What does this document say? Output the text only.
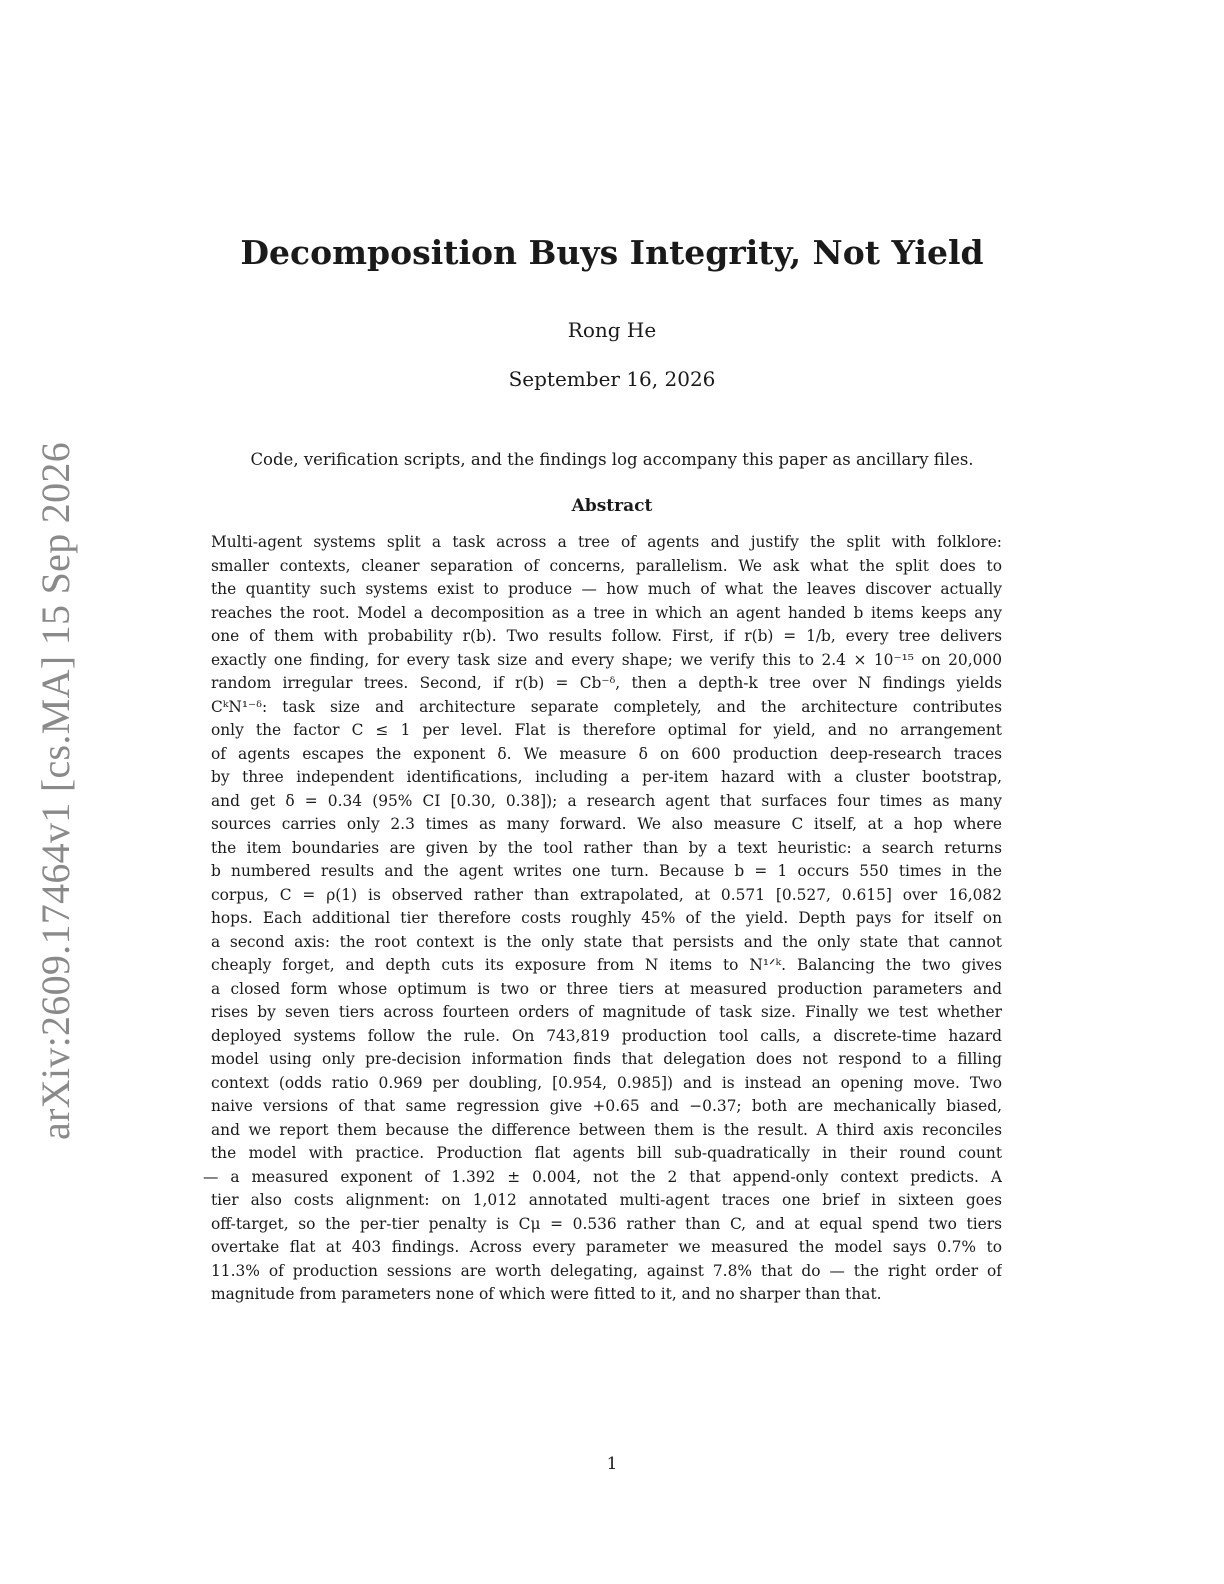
arXiv:2609.17464v1 [cs.MA] 15 Sep 2026
Decomposition Buys Integrity, Not Yield
Rong He
September 16, 2026
Code, verification scripts, and the findings log accompany this paper as ancillary files.
Abstract
Multi-agent systems split a task across a tree of agents and justify the split with folklore:
smaller contexts, cleaner separation of concerns, parallelism. We ask what the split does to
the quantity such systems exist to produce — how much of what the leaves discover actually
reaches the root. Model a decomposition as a tree in which an agent handed b items keeps any
one of them with probability r(b). Two results follow. First, if r(b) = 1/b, every tree delivers
exactly one finding, for every task size and every shape; we verify this to 2.4 × 10⁻¹⁵ on 20,000
random irregular trees. Second, if r(b) = Cb⁻ᵟ, then a depth-k tree over N findings yields
CᵏN¹⁻ᵟ: task size and architecture separate completely, and the architecture contributes
only the factor C ≤ 1 per level. Flat is therefore optimal for yield, and no arrangement
of agents escapes the exponent δ. We measure δ on 600 production deep-research traces
by three independent identifications, including a per-item hazard with a cluster bootstrap,
and get δ = 0.34 (95% CI [0.30, 0.38]); a research agent that surfaces four times as many
sources carries only 2.3 times as many forward. We also measure C itself, at a hop where
the item boundaries are given by the tool rather than by a text heuristic: a search returns
b numbered results and the agent writes one turn. Because b = 1 occurs 550 times in the
corpus, C = ρ(1) is observed rather than extrapolated, at 0.571 [0.527, 0.615] over 16,082
hops. Each additional tier therefore costs roughly 45% of the yield. Depth pays for itself on
a second axis: the root context is the only state that persists and the only state that cannot
cheaply forget, and depth cuts its exposure from N items to N¹ᐟᵏ. Balancing the two gives
a closed form whose optimum is two or three tiers at measured production parameters and
rises by seven tiers across fourteen orders of magnitude of task size. Finally we test whether
deployed systems follow the rule. On 743,819 production tool calls, a discrete-time hazard
model using only pre-decision information finds that delegation does not respond to a filling
context (odds ratio 0.969 per doubling, [0.954, 0.985]) and is instead an opening move. Two
naive versions of that same regression give +0.65 and −0.37; both are mechanically biased,
and we report them because the difference between them is the result. A third axis reconciles
the model with practice. Production flat agents bill sub-quadratically in their round count
— a measured exponent of 1.392 ± 0.004, not the 2 that append-only context predicts. A
tier also costs alignment: on 1,012 annotated multi-agent traces one brief in sixteen goes
off-target, so the per-tier penalty is Cμ = 0.536 rather than C, and at equal spend two tiers
overtake flat at 403 findings. Across every parameter we measured the model says 0.7% to
11.3% of production sessions are worth delegating, against 7.8% that do — the right order of
magnitude from parameters none of which were fitted to it, and no sharper than that.
1
